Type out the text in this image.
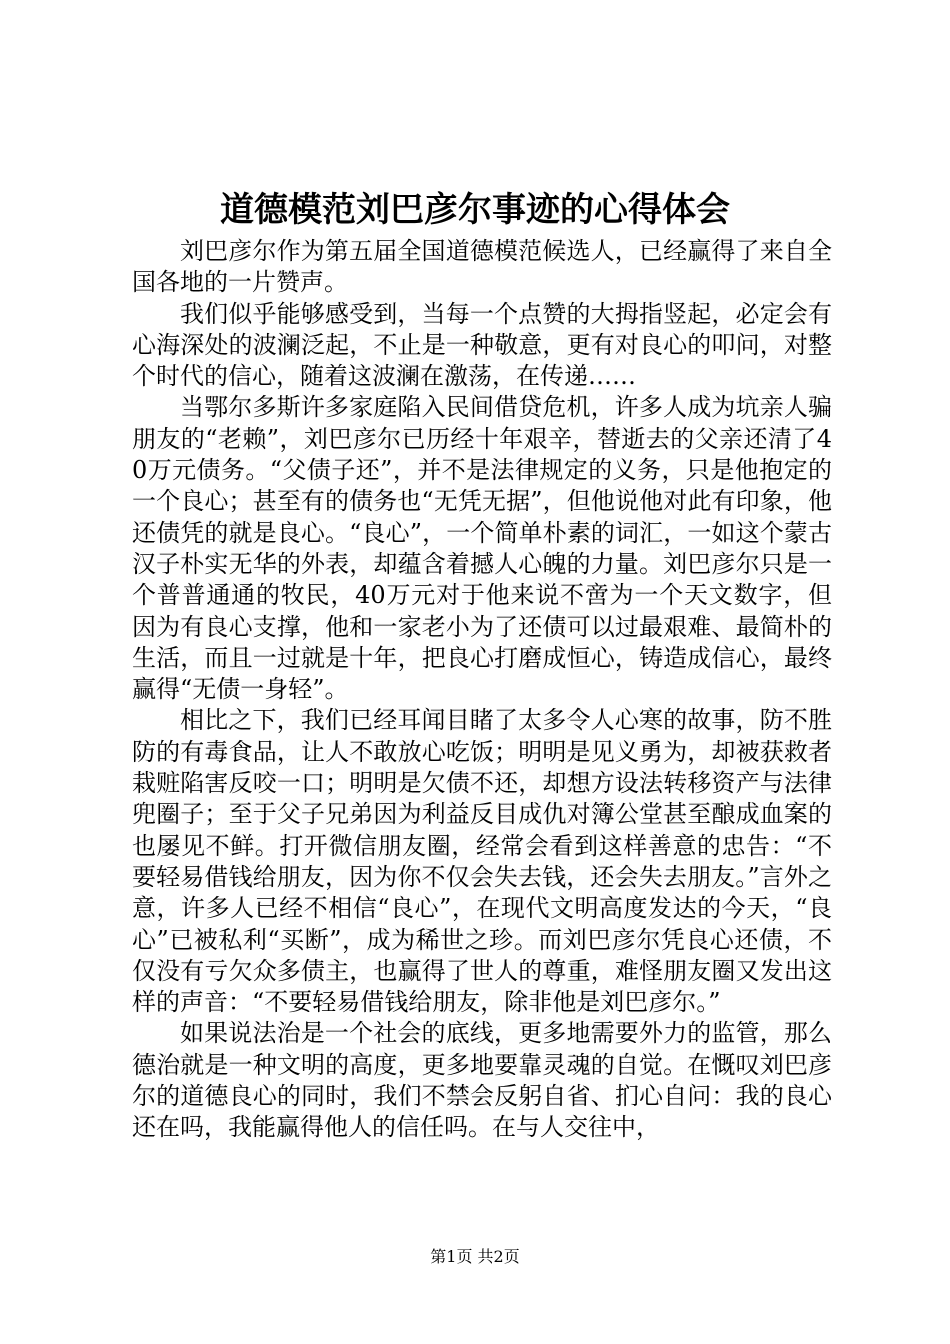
道德模范刘巴彦尔事迹的心得体会

刘巴彦尔作为第五届全国道德模范候选人，已经赢得了来自全国各地的一片赞声。

我们似乎能够感受到，当每一个点赞的大拇指竖起，必定会有心海深处的波澜泛起，不止是一种敬意，更有对良心的叩问，对整个时代的信心，随着这波澜在激荡，在传递……

当鄂尔多斯许多家庭陷入民间借贷危机，许多人成为坑亲人骗朋友的“老赖”，刘巴彦尔已历经十年艰辛，替逝去的父亲还清了40万元债务。“父债子还”，并不是法律规定的义务，只是他抱定的一个良心；甚至有的债务也“无凭无据”，但他说他对此有印象，他还债凭的就是良心。“良心”，一个简单朴素的词汇，一如这个蒙古汉子朴实无华的外表，却蕴含着撼人心魄的力量。刘巴彦尔只是一个普普通通的牧民，40万元对于他来说不啻为一个天文数字，但因为有良心支撑，他和一家老小为了还债可以过最艰难、最简朴的生活，而且一过就是十年，把良心打磨成恒心，铸造成信心，最终赢得“无债一身轻”。

相比之下，我们已经耳闻目睹了太多令人心寒的故事，防不胜防的有毒食品，让人不敢放心吃饭；明明是见义勇为，却被获救者栽赃陷害反咬一口；明明是欠债不还，却想方设法转移资产与法律兜圈子；至于父子兄弟因为利益反目成仇对簿公堂甚至酿成血案的也屡见不鲜。打开微信朋友圈，经常会看到这样善意的忠告：“不要轻易借钱给朋友，因为你不仅会失去钱，还会失去朋友。”言外之意，许多人已经不相信“良心”，在现代文明高度发达的今天，“良心”已被私利“买断”，成为稀世之珍。而刘巴彦尔凭良心还债，不仅没有亏欠众多债主，也赢得了世人的尊重，难怪朋友圈又发出这样的声音：“不要轻易借钱给朋友，除非他是刘巴彦尔。”

如果说法治是一个社会的底线，更多地需要外力的监管，那么德治就是一种文明的高度，更多地要靠灵魂的自觉。在慨叹刘巴彦尔的道德良心的同时，我们不禁会反躬自省、扪心自问：我的良心还在吗，我能赢得他人的信任吗。在与人交往中，

第1页 共2页
